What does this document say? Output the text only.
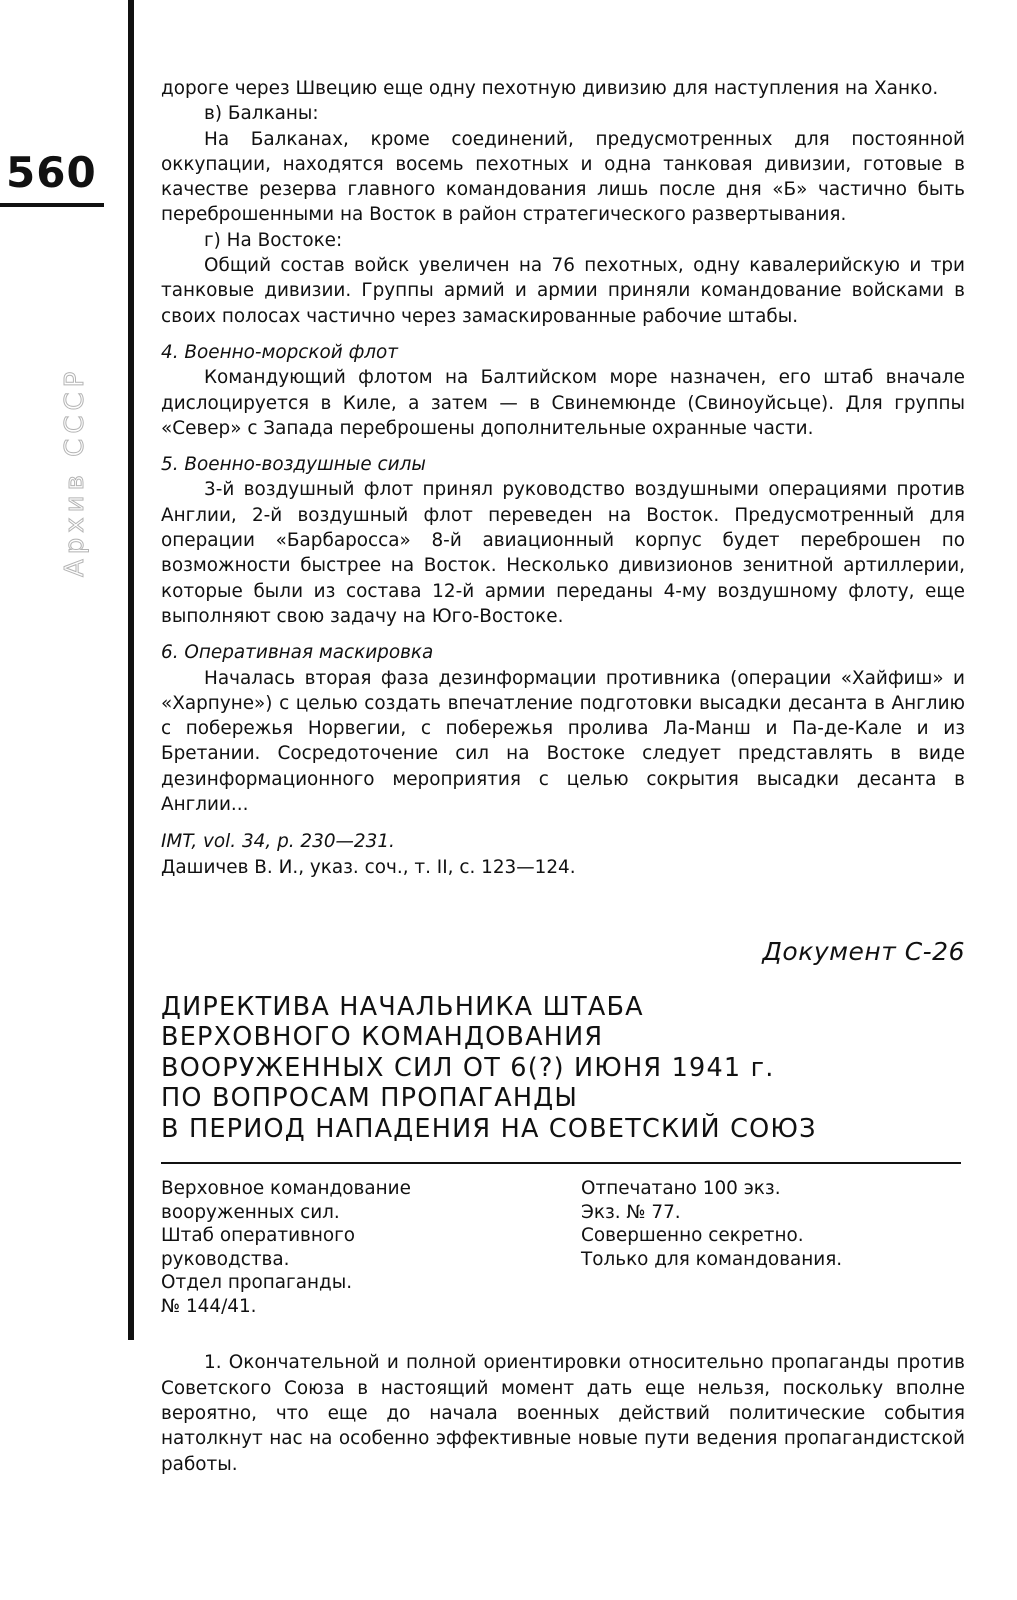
560
Архив СССР

дороге через Швецию еще одну пехотную дивизию для наступления на Ханко.

в) Балканы:

На Балканах, кроме соединений, предусмотренных для постоянной оккупации, находятся восемь пехотных и одна танковая дивизии, готовые в качестве резерва главного командования лишь после дня «Б» частично быть переброшенными на Восток в район стратегического развертывания.

г) На Востоке:

Общий состав войск увеличен на 76 пехотных, одну кавалерийскую и три танковые дивизии. Группы армий и армии приняли командование войсками в своих полосах частично через замаскированные рабочие штабы.

4. Военно-морской флот

Командующий флотом на Балтийском море назначен, его штаб вначале дислоцируется в Киле, а затем — в Свинемюнде (Свиноуйсьце). Для группы «Север» с Запада переброшены дополнительные охранные части.

5. Военно-воздушные силы

3-й воздушный флот принял руководство воздушными операциями против Англии, 2-й воздушный флот переведен на Восток. Предусмотренный для операции «Барбаросса» 8-й авиационный корпус будет переброшен по возможности быстрее на Восток. Несколько дивизионов зенитной артиллерии, которые были из состава 12-й армии переданы 4-му воздушному флоту, еще выполняют свою задачу на Юго-Востоке.

6. Оперативная маскировка

Началась вторая фаза дезинформации противника (операции «Хайфиш» и «Харпуне») с целью создать впечатление подготовки высадки десанта в Англию с побережья Норвегии, с побережья пролива Ла-Манш и Па-де-Кале и из Бретании. Сосредоточение сил на Востоке следует представлять в виде дезинформационного мероприятия с целью сокрытия высадки десанта в Англии...

IMT, vol. 34, p. 230—231.

Дашичев В. И., указ. соч., т. II, с. 123—124.

Документ С-26

ДИРЕКТИВА НАЧАЛЬНИКА ШТАБА
ВЕРХОВНОГО КОМАНДОВАНИЯ
ВООРУЖЕННЫХ СИЛ ОТ 6(?) ИЮНЯ 1941 г.
ПО ВОПРОСАМ ПРОПАГАНДЫ
В ПЕРИОД НАПАДЕНИЯ НА СОВЕТСКИЙ СОЮЗ
Верховное командование
вооруженных сил.
Штаб оперативного
руководства.
Отдел пропаганды.
№ 144/41.
Отпечатано 100 экз.
Экз. № 77.
Совершенно секретно.
Только для командования.

1. Окончательной и полной ориентировки относительно пропаганды против Советского Союза в настоящий момент дать еще нельзя, поскольку вполне вероятно, что еще до начала военных действий политические события натолкнут нас на особенно эффективные новые пути ведения пропагандистской работы.
